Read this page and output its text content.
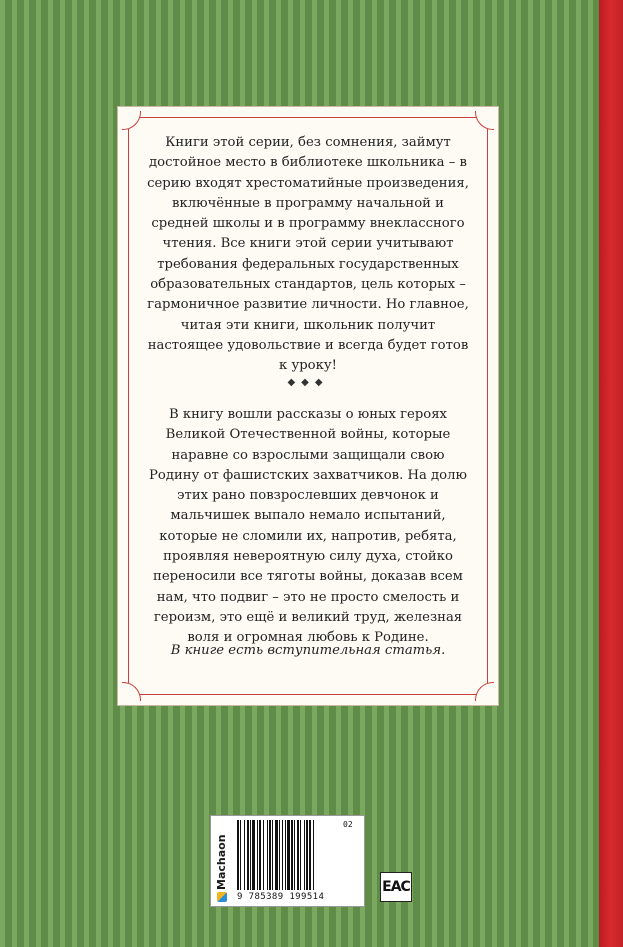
Книги этой серии, без сомнения, займут достойное место в библиотеке школьника – в серию входят хрестоматийные произведения, включённые в программу начальной и средней школы и в программу внеклассного чтения. Все книги этой серии учитывают требования федеральных государственных образовательных стандартов, цель которых – гармоничное развитие личности. Но главное, читая эти книги, школьник получит настоящее удовольствие и всегда будет готов к уроку!
◆◆◆
В книгу вошли рассказы о юных героях Великой Отечественной войны, которые наравне со взрослыми защищали свою Родину от фашистских захватчиков. На долю этих рано повзрослевших девчонок и мальчишек выпало немало испытаний, которые не сломили их, напротив, ребята, проявляя невероятную силу духа, стойко переносили все тяготы войны, доказав всем нам, что подвиг – это не просто смелость и героизм, это ещё и великий труд, железная воля и огромная любовь к Родине.
В книге есть вступительная статья.
Machaon
02
9 785389 199514
EAC
